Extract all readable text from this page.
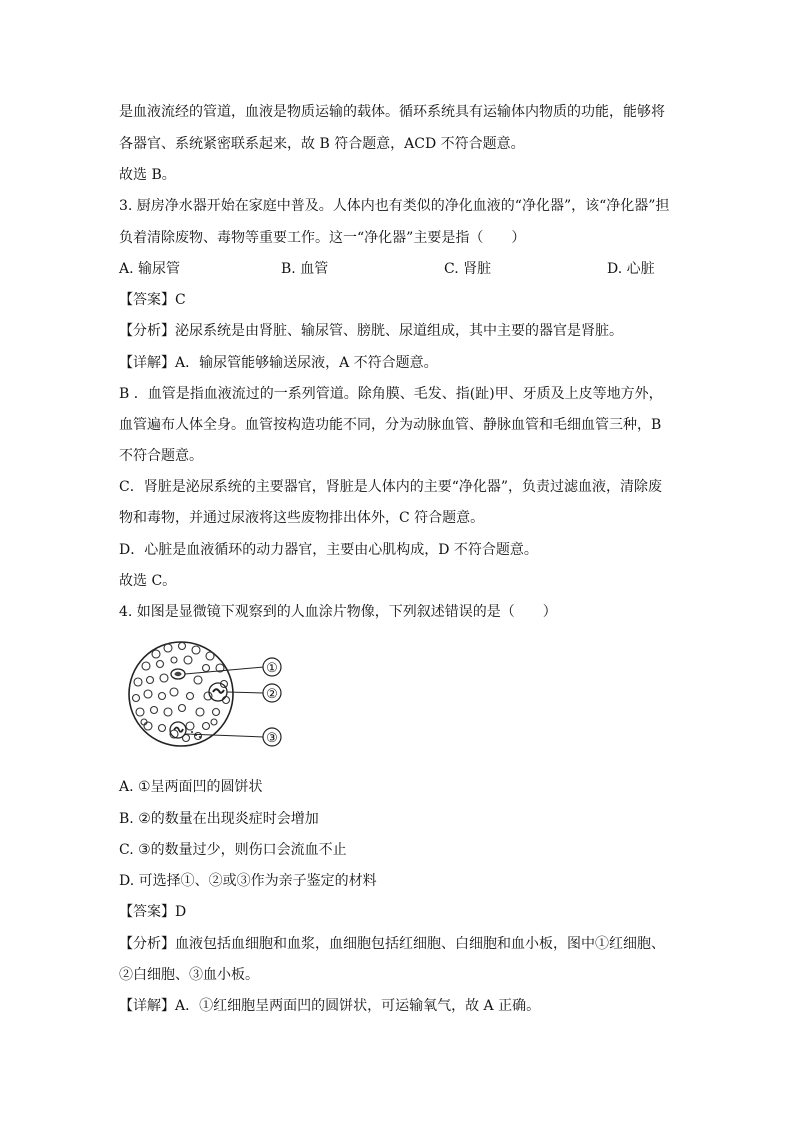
是血液流经的管道，血液是物质运输的载体。循环系统具有运输体内物质的功能，能够将
各器官、系统紧密联系起来，故 B 符合题意，ACD 不符合题意。
故选 B。
3. 厨房净水器开始在家庭中普及。人体内也有类似的净化血液的“净化器”，该“净化器”担
负着清除废物、毒物等重要工作。这一“净化器”主要是指（　　）
A. 输尿管	B. 血管	C. 肾脏	D. 心脏
【答案】C
【分析】泌尿系统是由肾脏、输尿管、膀胱、尿道组成，其中主要的器官是肾脏。
【详解】A．输尿管能够输送尿液，A 不符合题意。
B ．血管是指血液流过的一系列管道。除角膜、毛发、指(趾)甲、牙质及上皮等地方外，
血管遍布人体全身。血管按构造功能不同，分为动脉血管、静脉血管和毛细血管三种，B
不符合题意。
C．肾脏是泌尿系统的主要器官，肾脏是人体内的主要“净化器”，负责过滤血液，清除废
物和毒物，并通过尿液将这些废物排出体外，C 符合题意。
D．心脏是血液循环的动力器官，主要由心肌构成，D 不符合题意。
故选 C。
4. 如图是显微镜下观察到的人血涂片物像，下列叙述错误的是（　　）
①
②
③
A. ①呈两面凹的圆饼状
B. ②的数量在出现炎症时会增加
C. ③的数量过少，则伤口会流血不止
D. 可选择①、②或③作为亲子鉴定的材料
【答案】D
【分析】血液包括血细胞和血浆，血细胞包括红细胞、白细胞和血小板，图中①红细胞、
②白细胞、③血小板。
【详解】A．①红细胞呈两面凹的圆饼状，可运输氧气，故 A 正确。
